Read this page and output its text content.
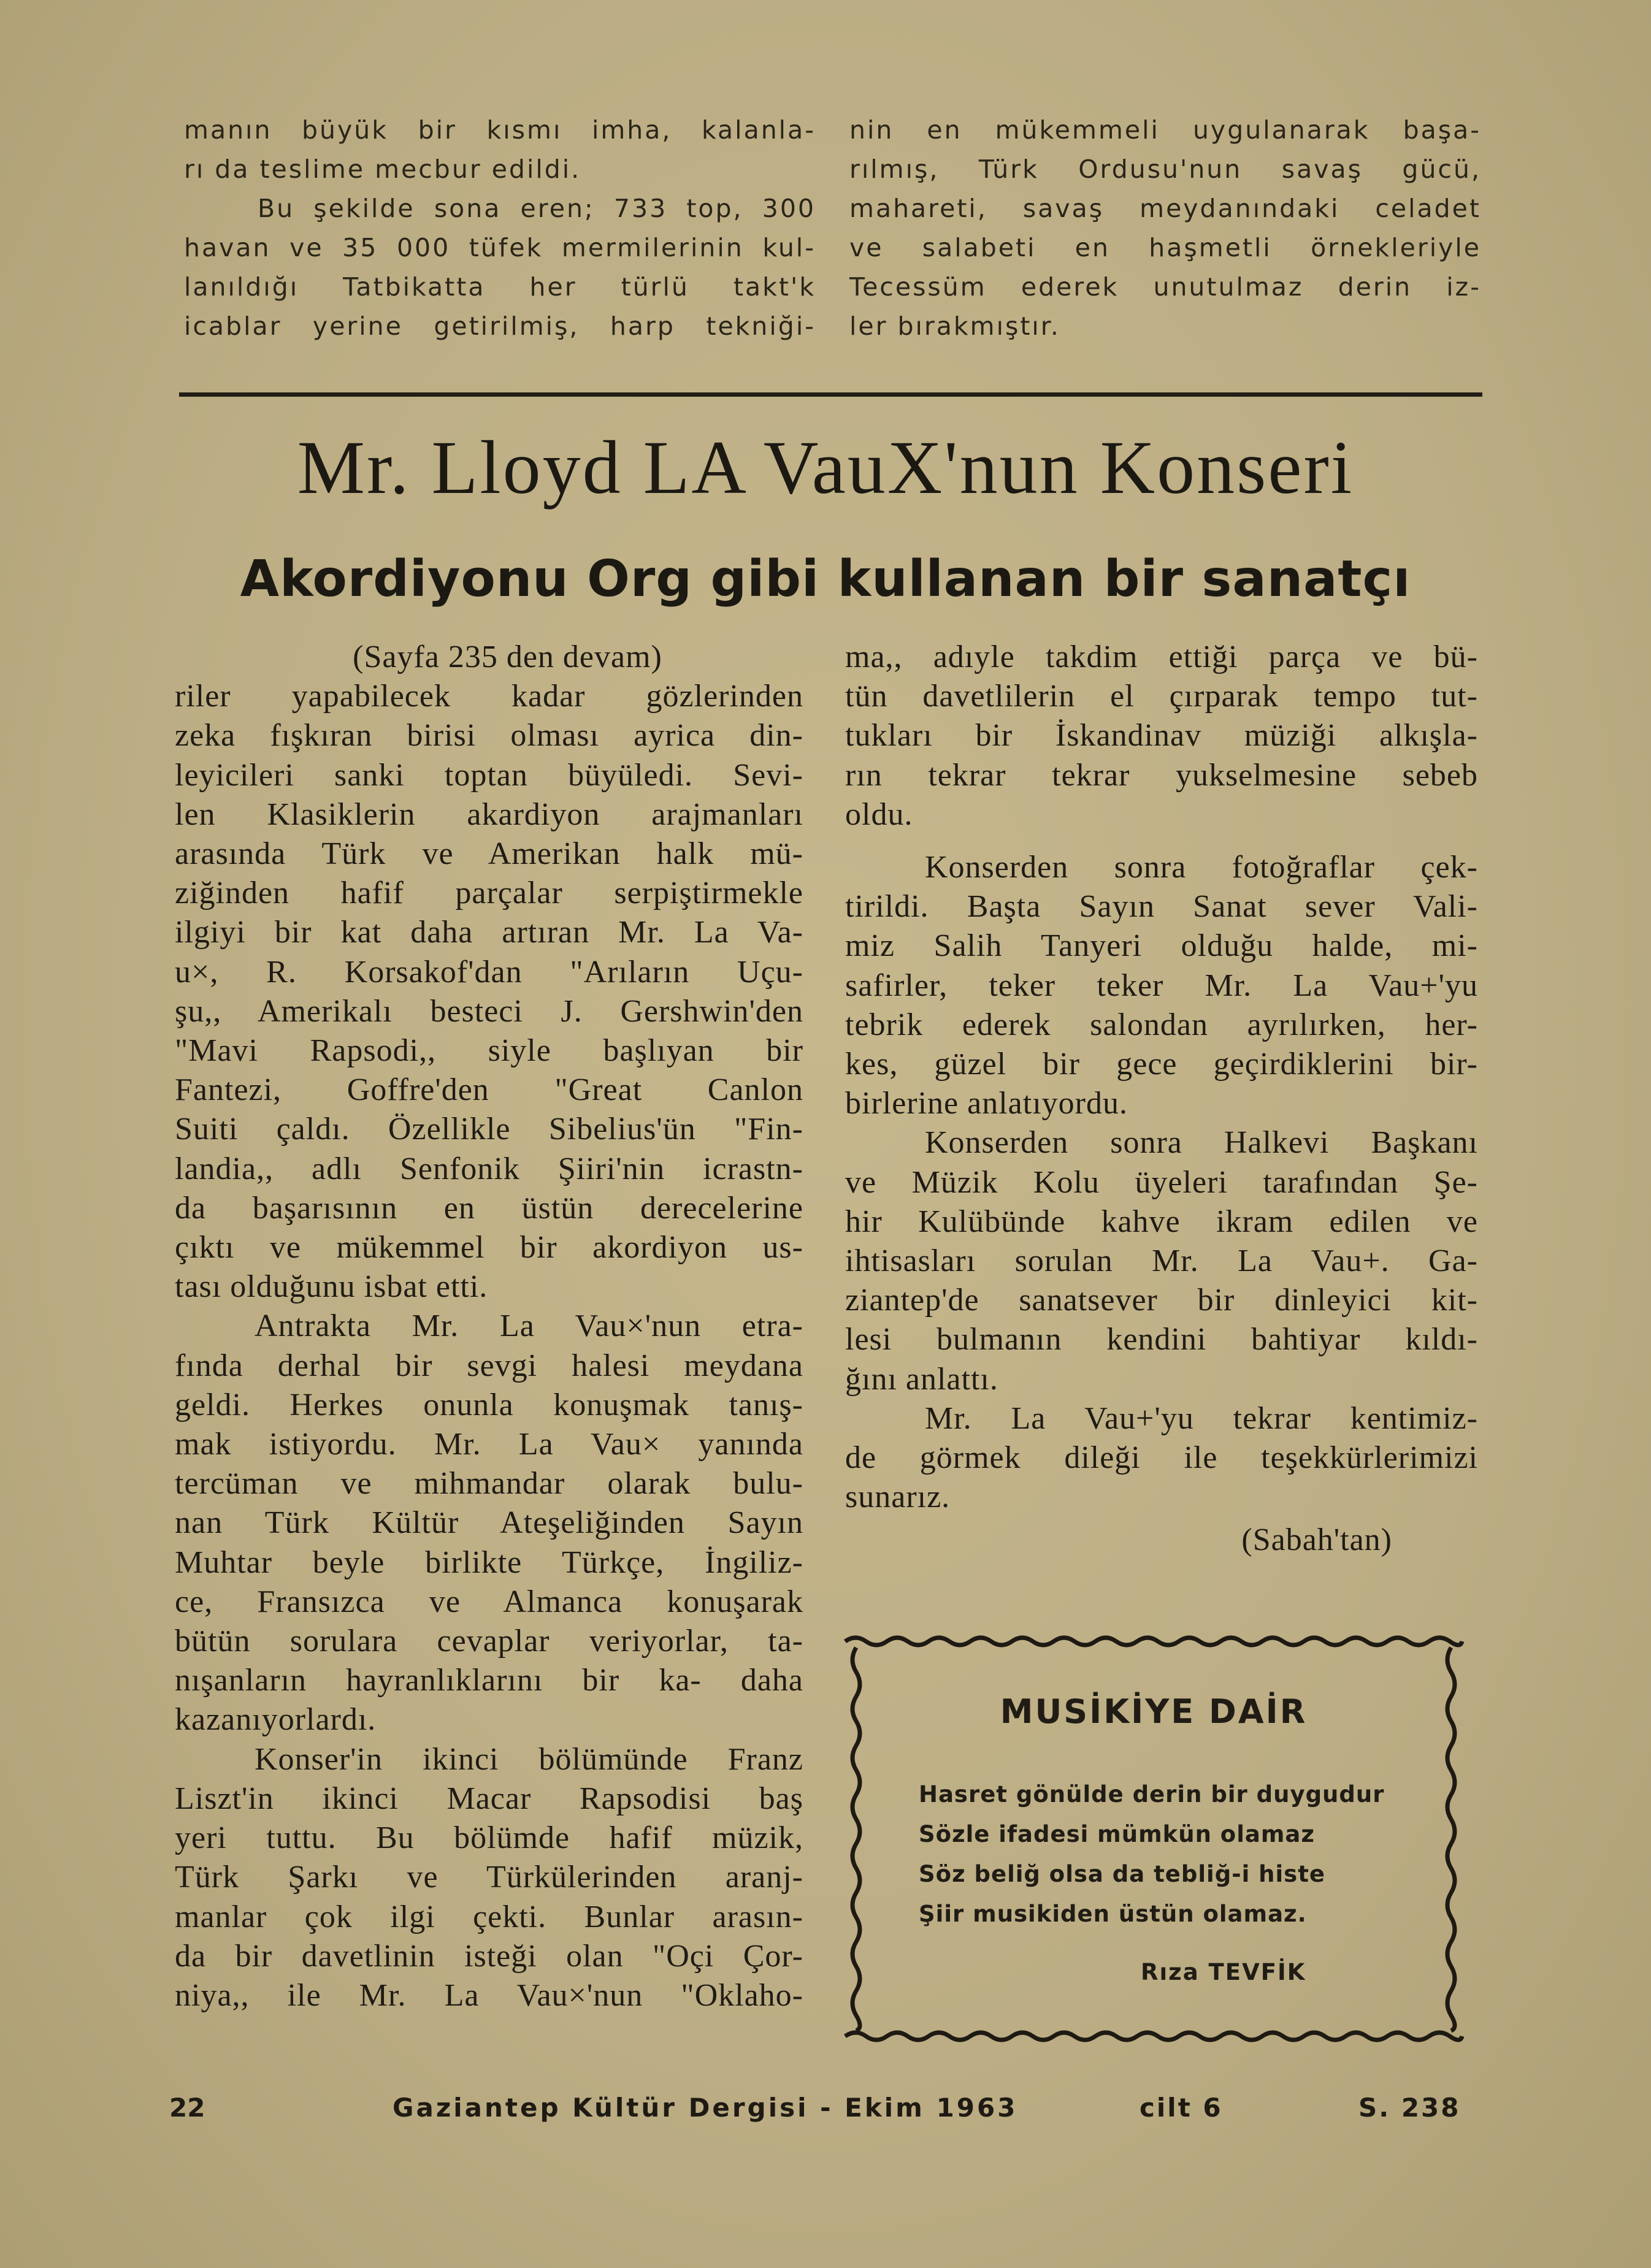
manın büyük bir kısmı imha, kalanla-
rı da teslime mecbur edildi.
Bu şekilde sona eren; 733 top, 300
havan ve 35 000 tüfek mermilerinin kul-
lanıldığı Tatbikatta her türlü takt'k
icablar yerine getirilmiş, harp tekniği-
nin en mükemmeli uygulanarak başa-
rılmış, Türk Ordusu'nun savaş gücü,
mahareti, savaş meydanındaki celadet
ve salabeti en haşmetli örnekleriyle
Tecessüm ederek unutulmaz derin iz-
ler bırakmıştır.
Mr. Lloyd LA VauX'nun Konseri
Akordiyonu Org gibi kullanan bir sanatçı
(Sayfa 235 den devam)
riler yapabilecek kadar gözlerinden
zeka fışkıran birisi olması ayrica din-
leyicileri sanki toptan büyüledi. Sevi-
len Klasiklerin akardiyon arajmanları
arasında Türk ve Amerikan halk mü-
ziğinden hafif parçalar serpiştirmekle
ilgiyi bir kat daha artıran Mr. La Va-
u×, R. Korsakof'dan "Arıların Uçu-
şu,, Amerikalı besteci J. Gershwin'den
"Mavi Rapsodi,, siyle başlıyan bir
Fantezi, Goffre'den "Great Canlon
Suiti çaldı. Özellikle Sibelius'ün "Fin-
landia,, adlı Senfonik Şiiri'nin icrastn-
da başarısının en üstün derecelerine
çıktı ve mükemmel bir akordiyon us-
tası olduğunu isbat etti.
Antrakta Mr. La Vau×'nun etra-
fında derhal bir sevgi halesi meydana
geldi. Herkes onunla konuşmak tanış-
mak istiyordu. Mr. La Vau× yanında
tercüman ve mihmandar olarak bulu-
nan Türk Kültür Ateşeliğinden Sayın
Muhtar beyle birlikte Türkçe, İngiliz-
ce, Fransızca ve Almanca konuşarak
bütün sorulara cevaplar veriyorlar, ta-
nışanların hayranlıklarını bir ka- daha
kazanıyorlardı.
Konser'in ikinci bölümünde Franz
Liszt'in ikinci Macar Rapsodisi baş
yeri tuttu. Bu bölümde hafif müzik,
Türk Şarkı ve Türkülerinden aranj-
manlar çok ilgi çekti. Bunlar arasın-
da bir davetlinin isteği olan "Oçi Çor-
niya,, ile Mr. La Vau×'nun "Oklaho-
ma,, adıyle takdim ettiği parça ve bü-
tün davetlilerin el çırparak tempo tut-
tukları bir İskandinav müziği alkışla-
rın tekrar tekrar yukselmesine sebeb
oldu.
Konserden sonra fotoğraflar çek-
tirildi. Başta Sayın Sanat sever Vali-
miz Salih Tanyeri olduğu halde, mi-
safirler, teker teker Mr. La Vau+'yu
tebrik ederek salondan ayrılırken, her-
kes, güzel bir gece geçirdiklerini bir-
birlerine anlatıyordu.
Konserden sonra Halkevi Başkanı
ve Müzik Kolu üyeleri tarafından Şe-
hir Kulübünde kahve ikram edilen ve
ihtisasları sorulan Mr. La Vau+. Ga-
ziantep'de sanatsever bir dinleyici kit-
lesi bulmanın kendini bahtiyar kıldı-
ğını anlattı.
Mr. La Vau+'yu tekrar kentimiz-
de görmek dileği ile teşekkürlerimizi
sunarız.
(Sabah'tan)
MUSİKİYE DAİR
Hasret gönülde derin bir duygudur
Sözle ifadesi mümkün olamaz
Söz beliğ olsa da tebliğ-i histe
Şiir musikiden üstün olamaz.
Rıza TEVFİK
22	Gaziantep Kültür Dergisi - Ekim 1963	cilt 6	S. 238
